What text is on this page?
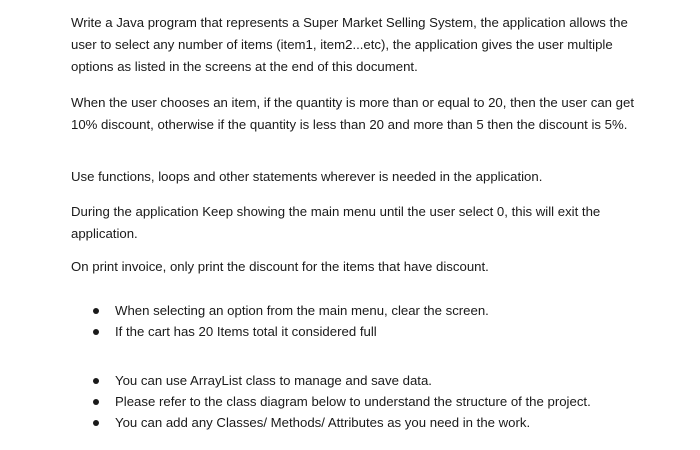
Write a Java program that represents a Super Market Selling System, the application allows the user to select any number of items (item1, item2...etc), the application gives the user multiple options as listed in the screens at the end of this document.

When the user chooses an item, if the quantity is more than or equal to 20, then the user can get 10% discount, otherwise if the quantity is less than 20 and more than 5 then the discount is 5%.

Use functions, loops and other statements wherever is needed in the application.

During the application Keep showing the main menu until the user select 0, this will exit the application.

On print invoice, only print the discount for the items that have discount.

When selecting an option from the main menu, clear the screen.
If the cart has 20 Items total it considered full
You can use ArrayList class to manage and save data.
Please refer to the class diagram below to understand the structure of the project.
You can add any Classes/ Methods/ Attributes as you need in the work.
